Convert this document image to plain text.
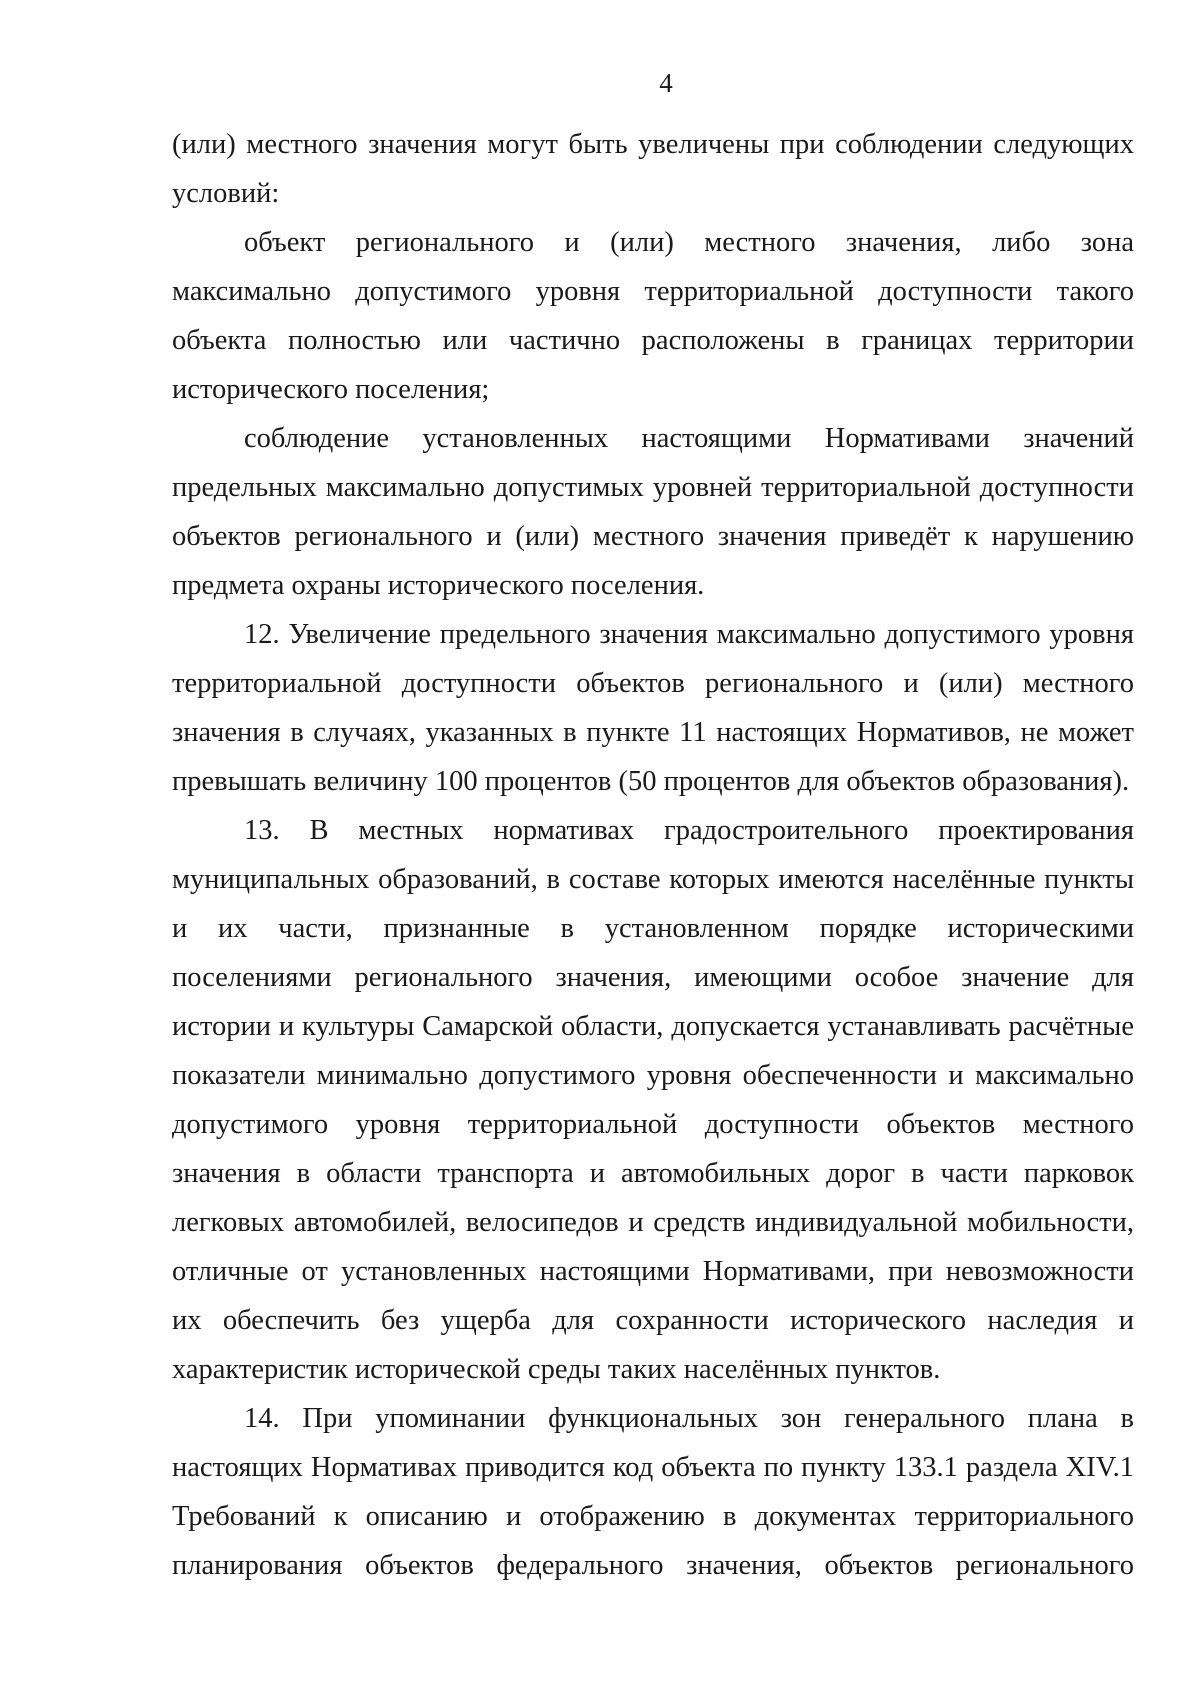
4

(или) местного значения могут быть увеличены при соблюдении следующих условий:

объект регионального и (или) местного значения, либо зона максимально допустимого уровня территориальной доступности такого объекта полностью или частично расположены в границах территории исторического поселения;

соблюдение установленных настоящими Нормативами значений предельных максимально допустимых уровней территориальной доступности объектов регионального и (или) местного значения приведёт к нарушению предмета охраны исторического поселения.

12. Увеличение предельного значения максимально допустимого уровня территориальной доступности объектов регионального и (или) местного значения в случаях, указанных в пункте 11 настоящих Нормативов, не может превышать величину 100 процентов (50 процентов для объектов образования).

13. В местных нормативах градостроительного проектирования муниципальных образований, в составе которых имеются населённые пункты и их части, признанные в установленном порядке историческими поселениями регионального значения, имеющими особое значение для истории и культуры Самарской области, допускается устанавливать расчётные показатели минимально допустимого уровня обеспеченности и максимально допустимого уровня территориальной доступности объектов местного значения в области транспорта и автомобильных дорог в части парковок легковых автомобилей, велосипедов и средств индивидуальной мобильности, отличные от установленных настоящими Нормативами, при невозможности их обеспечить без ущерба для сохранности исторического наследия и характеристик исторической среды таких населённых пунктов.

14. При упоминании функциональных зон генерального плана в настоящих Нормативах приводится код объекта по пункту 133.1 раздела XIV.1 Требований к описанию и отображению в документах территориального планирования объектов федерального значения, объектов регионального
